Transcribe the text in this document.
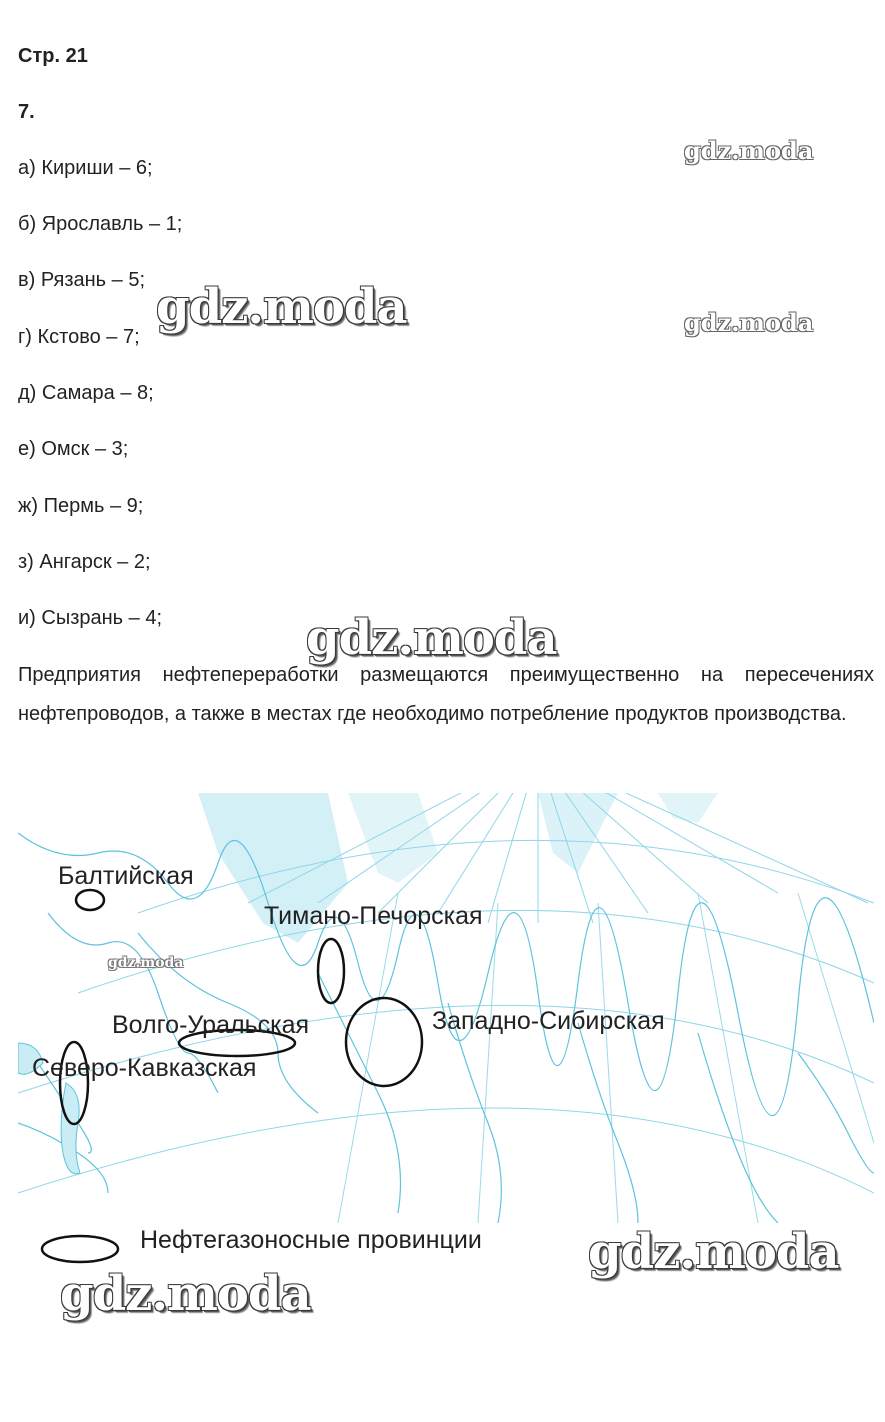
Стр. 21
7.
а) Кириши – 6;
б) Ярославль – 1;
в) Рязань – 5;
г) Кстово – 7;
д) Самара – 8;
е) Омск – 3;
ж) Пермь – 9;
з) Ангарск – 2;
и) Сызрань – 4;
Предприятия нефтепереработки размещаются преимущественно на пересечениях нефтепроводов, а также в местах где необходимо потребление продуктов производства.
Балтийская
Тимано-Печорская
Волго-Уральская	Западно-Сибирская
Северо-Кавказская
Нефтегазоносные провинции
gdz.moda
gdz.moda	gdz.moda
gdz.moda
gdz.moda
gdz.moda
gdz.moda
